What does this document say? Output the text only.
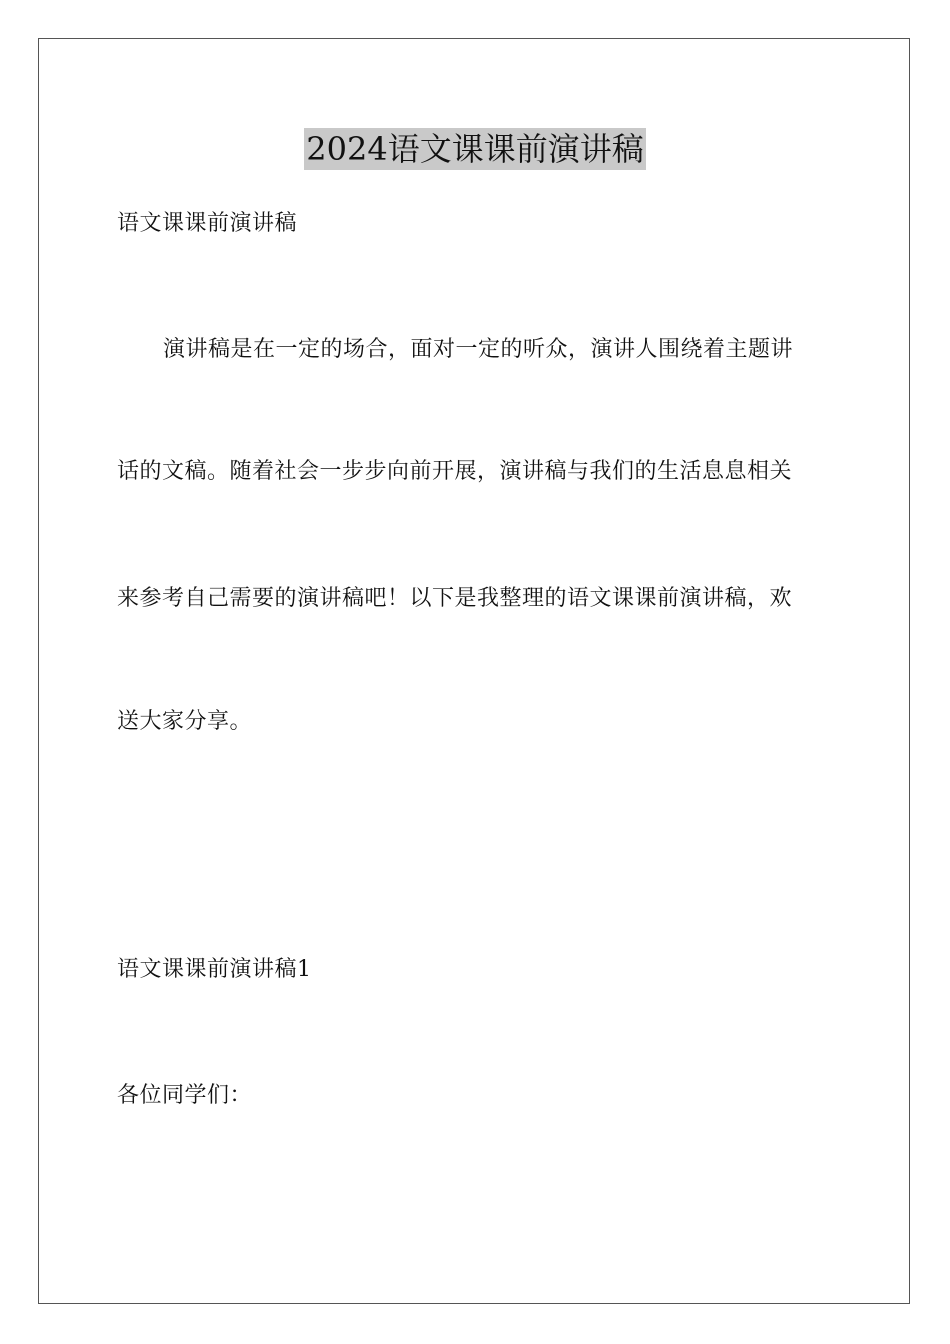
2024语文课课前演讲稿
语文课课前演讲稿
演讲稿是在一定的场合，面对一定的听众，演讲人围绕着主题讲
话的文稿。随着社会一步步向前开展，演讲稿与我们的生活息息相关
来参考自己需要的演讲稿吧！以下是我整理的语文课课前演讲稿，欢
送大家分享。
语文课课前演讲稿1
各位同学们：
